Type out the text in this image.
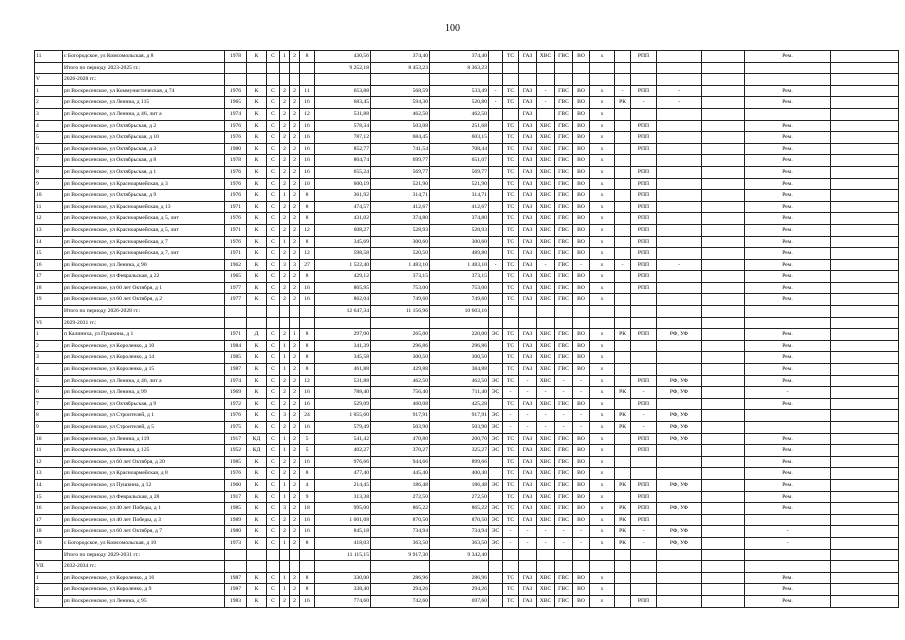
100
11	с Богородское, ул Комсомольская, д 8	1978	К	С	1	2	8	430,56	374,40	374,40		ТС	ГАЗ	ХВС	ГВС	ВО	х		РПП			Рем.	
	Итого по периоду 2023-2025 гг.:							9 252,18	8 453,23	8 363,23													
V	2026-2028 гг.:																						
1	рп Воскресенское, ул Коммунистическая, д 74	1976	К	С	2	2	11	653,88	568,59	533,49	-	ТС	ГАЗ	-	ГВС	ВО	х	-	РПП	-		Рем.	
2	рп Воскресенское, ул Ленина, д 115	1965	К	С	2	2	16	683,45	594,30	520,80	-	ТС	ГАЗ	-	ГВС	ВО	х	РК	-	-		Рем.	
3	рп Воскресенское, ул Ленина, д 46, лит а	1974	К	С	2	2	12	531,88	462,50	462,50			ГАЗ		ГВС	ВО	х						
4	рп Воскресенское, ул Октябрьская, д 2	1976	К	С	2	2	16	578,34	503,08	251,68		ТС	ГАЗ	ХВС	ГВС	ВО	х		РПП			Рем.	
5	рп Воскресенское, ул Октябрьская, д 10	1976	К	С	2	2	16	787,12	684,45	603,15		ТС	ГАЗ	ХВС	ГВС	ВО	х		РПП			Рем.	
6	рп Воскресенское, ул Октябрьская, д 3	1980	К	С	2	2	16	852,77	741,54	708,44		ТС	ГАЗ	ХВС	ГВС	ВО	х		РПП			Рем.	
7	рп Воскресенское, ул Октябрьская, д 8	1978	К	С	2	2	16	804,74	699,77	651,07		ТС	ГАЗ	ХВС	ГВС	ВО	х					Рем.	
8	рп Воскресенское, ул Октябрьская, д 1	1976	К	С	2	2	16	655,24	569,77	569,77		ТС	ГАЗ	ХВС	ГВС	ВО	х		РПП			Рем.	
9	рп Воскресенское, ул Красноармейская, д 3	1976	К	С	2	2	10	600,19	521,90	521,90		ТС	ГАЗ	ХВС	ГВС	ВО	х		РПП			Рем.	
10	рп Воскресенское, ул Октябрьская, д 9	1976	К	С	1	2	8	361,92	314,71	314,71		ТС	ГАЗ	ХВС	ГВС	ВО	х		РПП			Рем.	
11	рп Воскресенское, ул Красноармейская, д 13	1971	К	С	2	2	8	474,57	412,67	412,67		ТС	ГАЗ	ХВС	ГВС	ВО	х		РПП			Рем.	
12	рп Воскресенское, ул Красноармейская, д 5, лит	1976	К	С	2	2	8	431,02	374,80	374,80		ТС	ГАЗ	ХВС	ГВС	ВО	х		РПП			Рем.	
13	рп Воскресенское, ул Красноармейская, д 5, лит	1971	К	С	2	2	12	608,27	528,93	528,93		ТС	ГАЗ	ХВС	ГВС	ВО	х		РПП			Рем.	
14	рп Воскресенское, ул Красноармейская, д 7	1976	К	С	1	2	8	345,69	300,60	300,60		ТС	ГАЗ	ХВС	ГВС	ВО	х		РПП			Рем.	
15	рп Воскресенское, ул Красноармейская, д 7, лит	1971	К	С	2	2	12	598,58	520,50	489,80		ТС	ГАЗ	ХВС	ГВС	ВО	х		РПП			Рем.	
16	рп Воскресенское, ул Ленина, д 90	1962	К	С	3	3	27	1 522,40	1 483,10	1 483,10	-	ТС	ГАЗ	-	ГВС	-	х	-	РПП	-		Рем.	
17	рп Воскресенское, ул Февральская, д 22	1965	К	С	2	2	8	429,12	373,15	373,15		ТС	ГАЗ	ХВС	ГВС	ВО	х		РПП			Рем.	
18	рп Воскресенское, ул 60 лет Октября, д 1	1977	К	С	2	2	16	865,95	753,00	753,00		ТС	ГАЗ	ХВС	ГВС	ВО	х		РПП			Рем.	
19	рп Воскресенское, ул 60 лет Октября, д 2	1977	К	С	2	2	16	862,04	749,60	749,60		ТС	ГАЗ	ХВС	ГВС	ВО	х					Рем.	
	Итого по периоду 2026-2028 гг.:							12 647,34	11 156,96	10 603,16													
VI	2029-2031 гг.:																						
1	п Калинихa, ул Пушкина, д 1	1971	Д	С	2	1	8	297,00	265,00	220,00	ЭС	ТС	ГАЗ	ХВС	ГВС	ВО	х	РК	РПП	РФ, УФ		Рем.	
2	рп Воскресенское, ул Короленко, д 10	1984	К	С	1	2	8	341,39	296,86	296,86		ТС	ГАЗ	ХВС	ГВС	ВО	х					Рем.	
3	рп Воскресенское, ул Короленко, д 14	1985	К	С	1	2	8	345,58	300,50	300,50		ТС	ГАЗ	ХВС	ГВС	ВО	х					Рем.	
4	рп Воскресенское, ул Короленко, д 15	1987	К	С	1	2	8	461,88	429,88	384,88		ТС	ГАЗ	ХВС	ГВС	ВО	х					Рем.	
5	рп Воскресенское, ул Ленина, д 46, лит а	1974	К	С	2	2	12	531,88	462,50	462,50	ЭС	ТС	-	ХВС	-	-	х		РПП	РФ, УФ		Рем.	
6	рп Воскресенское, ул Ленина, д 99	1969	К	С	2	2	16	788,40	756,40	711,40	ЭС	-	-	-	-	-	х	РК	-	РФ, УФ		-	
7	рп Воскресенское, ул Октябрьская, д 9	1972	К	С	2	2	16	529,09	460,08	425,28		ТС	ГАЗ	ХВС	ГВС	ВО	х		РПП			Рем.	
8	рп Воскресенское, ул Строителей, д 1	1976	К	С	3	2	24	1 055,60	917,91	917,91	ЭС	-	-	-	-	-	х	РК	-	РФ, УФ			
9	рп Воскресенское, ул Строителей, д 5	1975	К	С	2	2	16	579,49	503,90	503,90	ЭС	-	-	-	-	-	х	РК	-	РФ, УФ			
10	рп Воскресенское, ул Ленина, д 119	1917	КД	С	1	2	5	541,42	470,80	200,70	ЭС	ТС	ГАЗ	ХВС	ГВС	ВО	х		РПП	РФ, УФ		Рем.	
11	рп Воскресенское, ул Ленина, д 125	1952	КД	С	1	2	5	402,27	370,27	325,27	ЭС	ТС	ГАЗ	ХВС	ГВС	ВО	х		РПП			Рем.	
12	рп Воскресенское, ул 60 лет Октября, д 20	1985	К	С	2	2	16	976,66	944,66	899,66		ТС	ГАЗ	ХВС	ГВС	ВО	х					Рем.	
13	рп Воскресенское, ул Красноармейская, д 8	1976	К	С	2	2	8	477,40	445,40	400,40		ТС	ГАЗ	ХВС	ГВС	ВО	х					Рем.	
14	рп Воскресенское, ул Пушкина, д 12	1960	К	С	1	2	4	214,45	186,48	186,48	ЭС	ТС	ГАЗ	ХВС	ГВС	ВО	х	РК	РПП	РФ, УФ		Рем.	
15	рп Воскресенское, ул Февральская, д 28	1917	К	С	1	2	9	313,38	272,50	272,50		ТС	ГАЗ	ХВС	ГВС	ВО	х		РПП			Рем.	
16	рп Воскресенское, ул 40 лет Победы, д 1	1985	К	С	3	2	18	995,00	865,22	865,22	ЭС	ТС	ГАЗ	ХВС	ГВС	ВО	х	РК	РПП	РФ, УФ		Рем.	
17	рп Воскресенское, ул 40 лет Победы, д 3	1989	К	С	2	2	16	1 001,08	870,50	870,50	ЭС	ТС	ГАЗ	ХВС	ГВС	ВО	х	РК	РПП				
18	рп Воскресенское, ул 60 лет Октября, д 7	1980	К	С	2	2	16	845,18	734,94	734,94	ЭС	-	-	-	-	-	х	РК	-	РФ, УФ		-	
19	с Богородское, ул Комсомольская, д 10	1973	К	С	1	2	8	418,03	363,50	363,50	ЭС	-	-	-	-	-	х	РК	-	РФ, УФ		-	
	Итого по периоду 2029-2031 гг.:							11 115,15	9 917,30	9 342,40													
VII	2032-2034 гг.:																						
1	рп Воскресенское, ул Короленко, д 16	1987	К	С	1	2	8	330,00	286,96	286,96		ТС	ГАЗ	ХВС	ГВС	ВО	х					Рем.	
2	рп Воскресенское, ул Короленко, д 9	1987	К	С	1	2	8	338,40	294,26	294,26		ТС	ГАЗ	ХВС	ГВС	ВО	х					Рем.	
3	рп Воскресенское, ул Ленина, д 95	1983	К	С	2	2	16	774,60	742,60	697,60		ТС	ГАЗ	ХВС	ГВС	ВО	х		РПП			Рем.	
